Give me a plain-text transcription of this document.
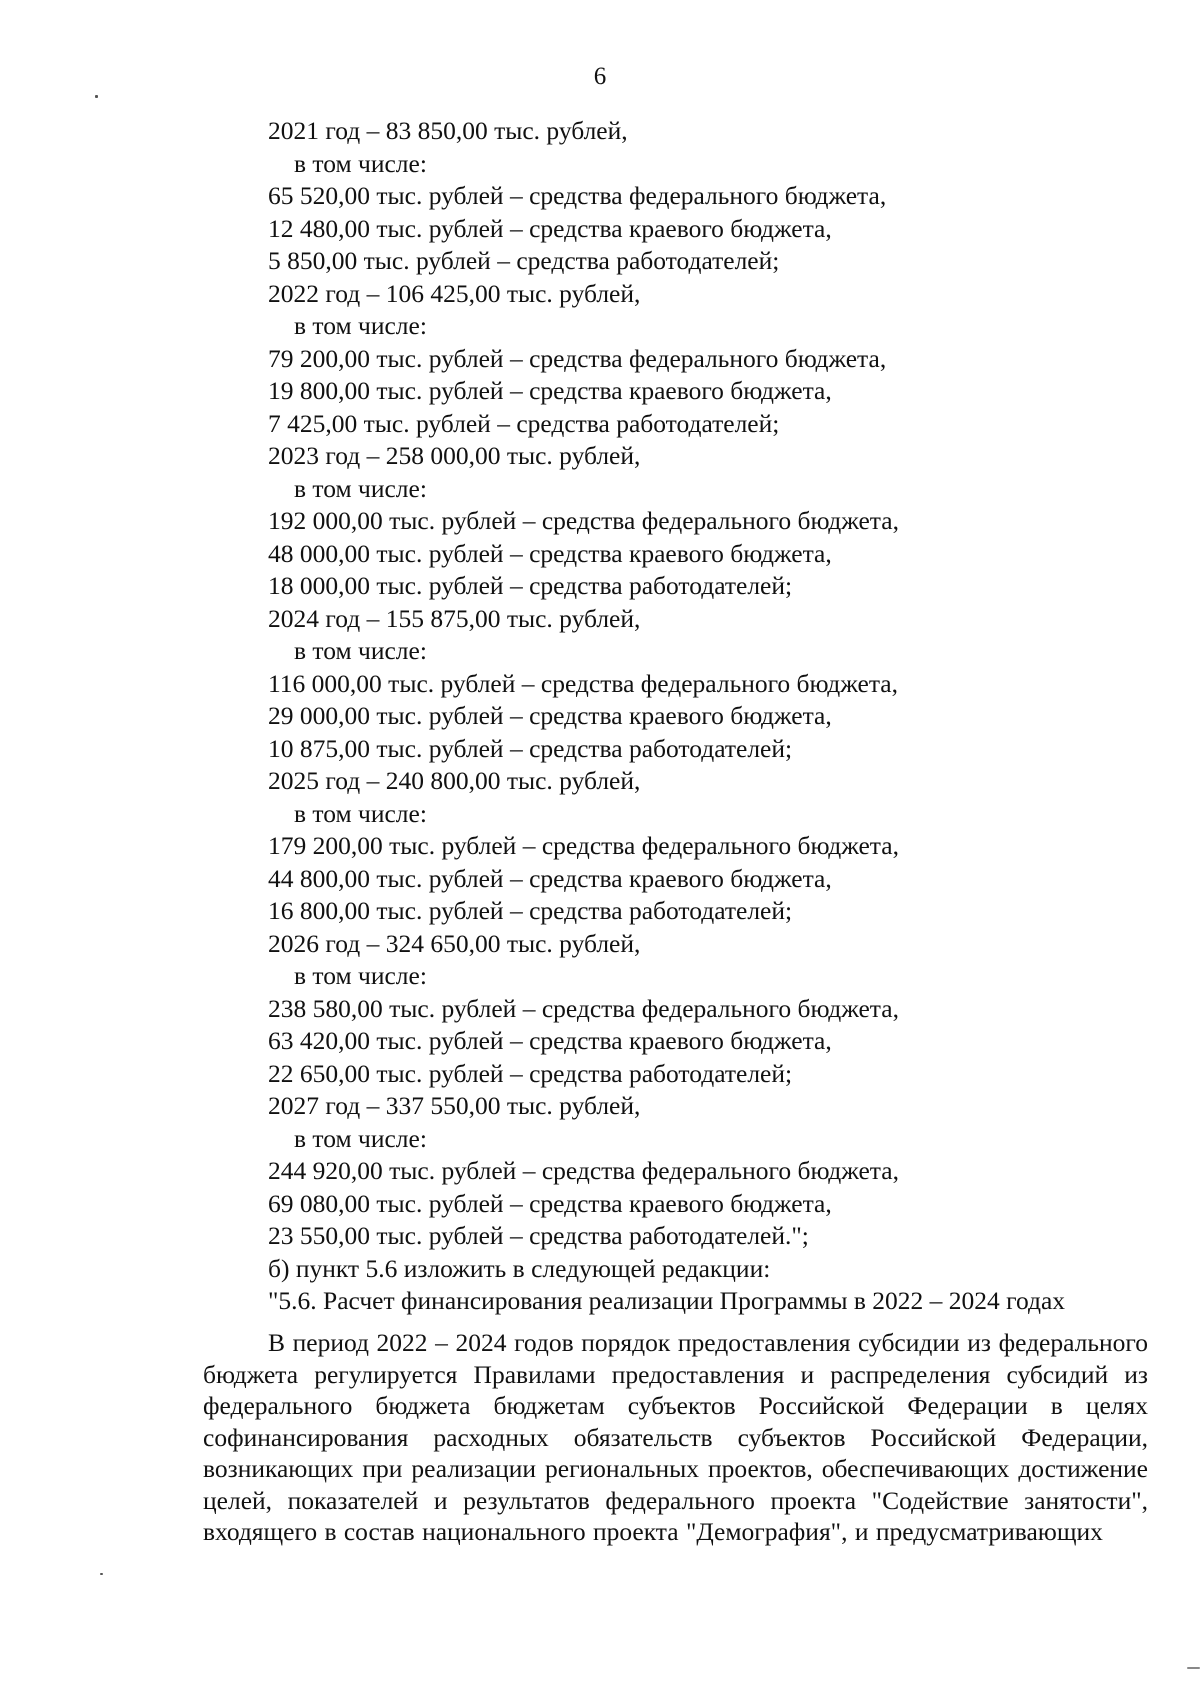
6
2021 год – 83 850,00 тыс. рублей,
в том числе:
65 520,00 тыс. рублей – средства федерального бюджета,
12 480,00 тыс. рублей – средства краевого бюджета,
5 850,00 тыс. рублей – средства работодателей;
2022 год – 106 425,00 тыс. рублей,
в том числе:
79 200,00 тыс. рублей – средства федерального бюджета,
19 800,00 тыс. рублей – средства краевого бюджета,
7 425,00 тыс. рублей – средства работодателей;
2023 год – 258 000,00 тыс. рублей,
в том числе:
192 000,00 тыс. рублей – средства федерального бюджета,
48 000,00 тыс. рублей – средства краевого бюджета,
18 000,00 тыс. рублей – средства работодателей;
2024 год – 155 875,00 тыс. рублей,
в том числе:
116 000,00 тыс. рублей – средства федерального бюджета,
29 000,00 тыс. рублей – средства краевого бюджета,
10 875,00 тыс. рублей – средства работодателей;
2025 год – 240 800,00 тыс. рублей,
в том числе:
179 200,00 тыс. рублей – средства федерального бюджета,
44 800,00 тыс. рублей – средства краевого бюджета,
16 800,00 тыс. рублей – средства работодателей;
2026 год – 324 650,00 тыс. рублей,
в том числе:
238 580,00 тыс. рублей – средства федерального бюджета,
63 420,00 тыс. рублей – средства краевого бюджета,
22 650,00 тыс. рублей – средства работодателей;
2027 год – 337 550,00 тыс. рублей,
в том числе:
244 920,00 тыс. рублей – средства федерального бюджета,
69 080,00 тыс. рублей – средства краевого бюджета,
23 550,00 тыс. рублей – средства работодателей.";
б) пункт 5.6 изложить в следующей редакции:
"5.6. Расчет финансирования реализации Программы в 2022 – 2024 годах
В период 2022 – 2024 годов порядок предоставления субсидии из федерального бюджета регулируется Правилами предоставления и распределения субсидий из федерального бюджета бюджетам субъектов Российской Федерации в целях софинансирования расходных обязательств субъектов Российской Федерации, возникающих при реализации региональных проектов, обеспечивающих достижение целей, показателей и результатов федерального проекта "Содействие занятости", входящего в состав национального проекта "Демография", и предусматривающих
